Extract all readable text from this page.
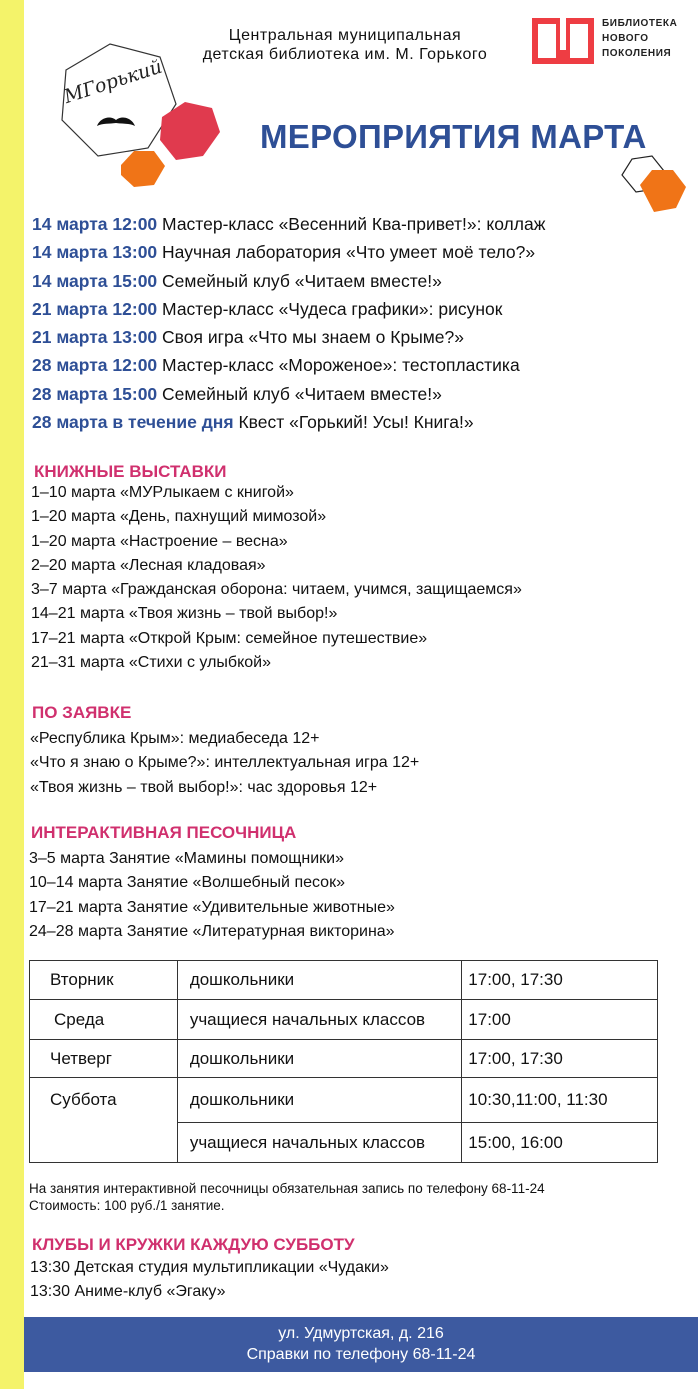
МГорький
Центральная муниципальная
детская библиотека им. М. Горького
БИБЛИОТЕКА
НОВОГО
ПОКОЛЕНИЯ
МЕРОПРИЯТИЯ МАРТА
14 марта 12:00 Мастер-класс «Весенний Ква-привет!»: коллаж
14 марта 13:00 Научная лаборатория «Что умеет моё тело?»
14 марта 15:00 Семейный клуб «Читаем вместе!»
21 марта 12:00 Мастер-класс «Чудеса графики»: рисунок
21 марта 13:00 Своя игра «Что мы знаем о Крыме?»
28 марта 12:00 Мастер-класс «Мороженое»: тестопластика
28 марта 15:00 Семейный клуб «Читаем вместе!»
28 марта в течение дня Квест «Горький! Усы! Книга!»
КНИЖНЫЕ ВЫСТАВКИ
1–10 марта «МУРлыкаем с книгой»
1–20 марта «День, пахнущий мимозой»
1–20 марта «Настроение – весна»
2–20 марта «Лесная кладовая»
3–7 марта «Гражданская оборона: читаем, учимся, защищаемся»
14–21 марта «Твоя жизнь – твой выбор!»
17–21 марта «Открой Крым: семейное путешествие»
21–31 марта «Стихи с улыбкой»
ПО ЗАЯВКЕ
«Республика Крым»: медиабеседа 12+
«Что я знаю о Крыме?»: интеллектуальная игра 12+
«Твоя жизнь – твой выбор!»: час здоровья 12+
ИНТЕРАКТИВНАЯ ПЕСОЧНИЦА
3–5 марта Занятие «Мамины помощники»
10–14 марта Занятие «Волшебный песок»
17–21 марта Занятие «Удивительные животные»
24–28 марта Занятие «Литературная викторина»
Вторник	дошкольники	17:00, 17:30
Среда	учащиеся начальных классов	17:00
Четверг	дошкольники	17:00, 17:30
Суббота	дошкольники	10:30,11:00, 11:30
	учащиеся начальных классов	15:00, 16:00
На занятия интерактивной песочницы обязательная запись по телефону 68-11-24
Стоимость: 100 руб./1 занятие.
КЛУБЫ И КРУЖКИ КАЖДУЮ СУББОТУ
13:30 Детская студия мультипликации «Чудаки»
13:30 Аниме-клуб «Эгаку»
ул. Удмуртская, д. 216
Справки по телефону 68-11-24
